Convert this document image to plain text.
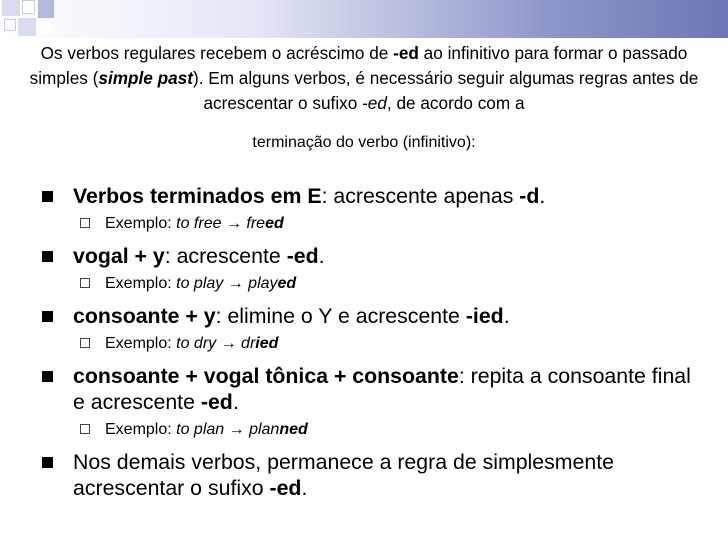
Os verbos regulares recebem o acréscimo de -ed ao infinitivo para formar o passado simples (simple past). Em alguns verbos, é necessário seguir algumas regras antes de acrescentar o sufixo -ed, de acordo com a

terminação do verbo (infinitivo):

Verbos terminados em E: acrescente apenas -d.
Exemplo: to free → freed
vogal + y: acrescente -ed.
Exemplo: to play → played
consoante + y: elimine o Y e acrescente -ied.
Exemplo: to dry → dried
consoante + vogal tônica + consoante: repita a consoante final e acrescente -ed.
Exemplo: to plan → planned
Nos demais verbos, permanece a regra de simplesmente acrescentar o sufixo -ed.
